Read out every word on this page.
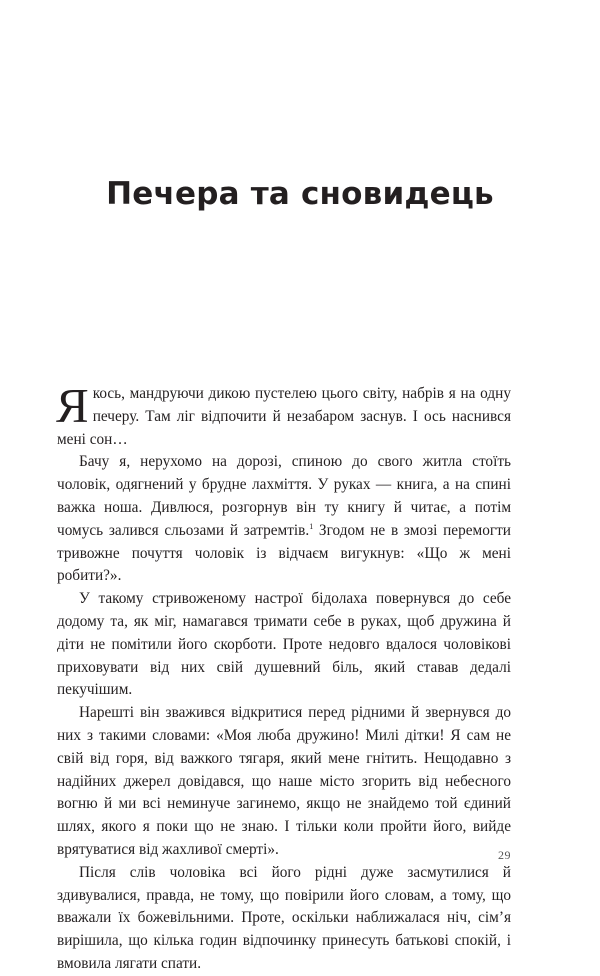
Печера та сновидець

Якось, мандруючи дикою пустелею цього світу, набрів я на одну печеру. Там ліг відпочити й незабаром заснув. І ось наснився мені сон…

Бачу я, нерухомо на дорозі, спиною до свого житла стоїть чоловік, одягнений у брудне лахміття. У руках — книга, а на спині важка ноша. Дивлюся, розгорнув він ту книгу й читає, а потім чомусь залився сльозами й затремтів.$^1$ Згодом не в змозі перемогти тривожне почуття чоловік із відчаєм вигукнув: «Що ж мені робити?».

У такому стривоженому настрої бідолаха повернувся до себе додому та, як міг, намагався тримати себе в руках, щоб дружина й діти не помітили його скорботи. Проте недовго вдалося чоловікові приховувати від них свій душевний біль, який ставав дедалі пекучішим.

Нарешті він зважився відкритися перед рідними й звернувся до них з такими словами: «Моя люба дружино! Милі дітки! Я сам не свій від горя, від важкого тягаря, який мене гнітить. Нещодавно з надійних джерел довідався, що наше місто згорить від небесного вогню й ми всі неминуче загинемо, якщо не знайдемо той єдиний шлях, якого я поки що не знаю. І тільки коли пройти його, вийде врятуватися від жахливої смерті».

Після слів чоловіка всі його рідні дуже засмутилися й здивувалися, правда, не тому, що повірили його словам, а тому, що вважали їх божевільними. Проте, оскільки наближалася ніч, сім’я вирішила, що кілька годин відпочинку принесуть батькові спокій, і вмовила лягати спати.

29
